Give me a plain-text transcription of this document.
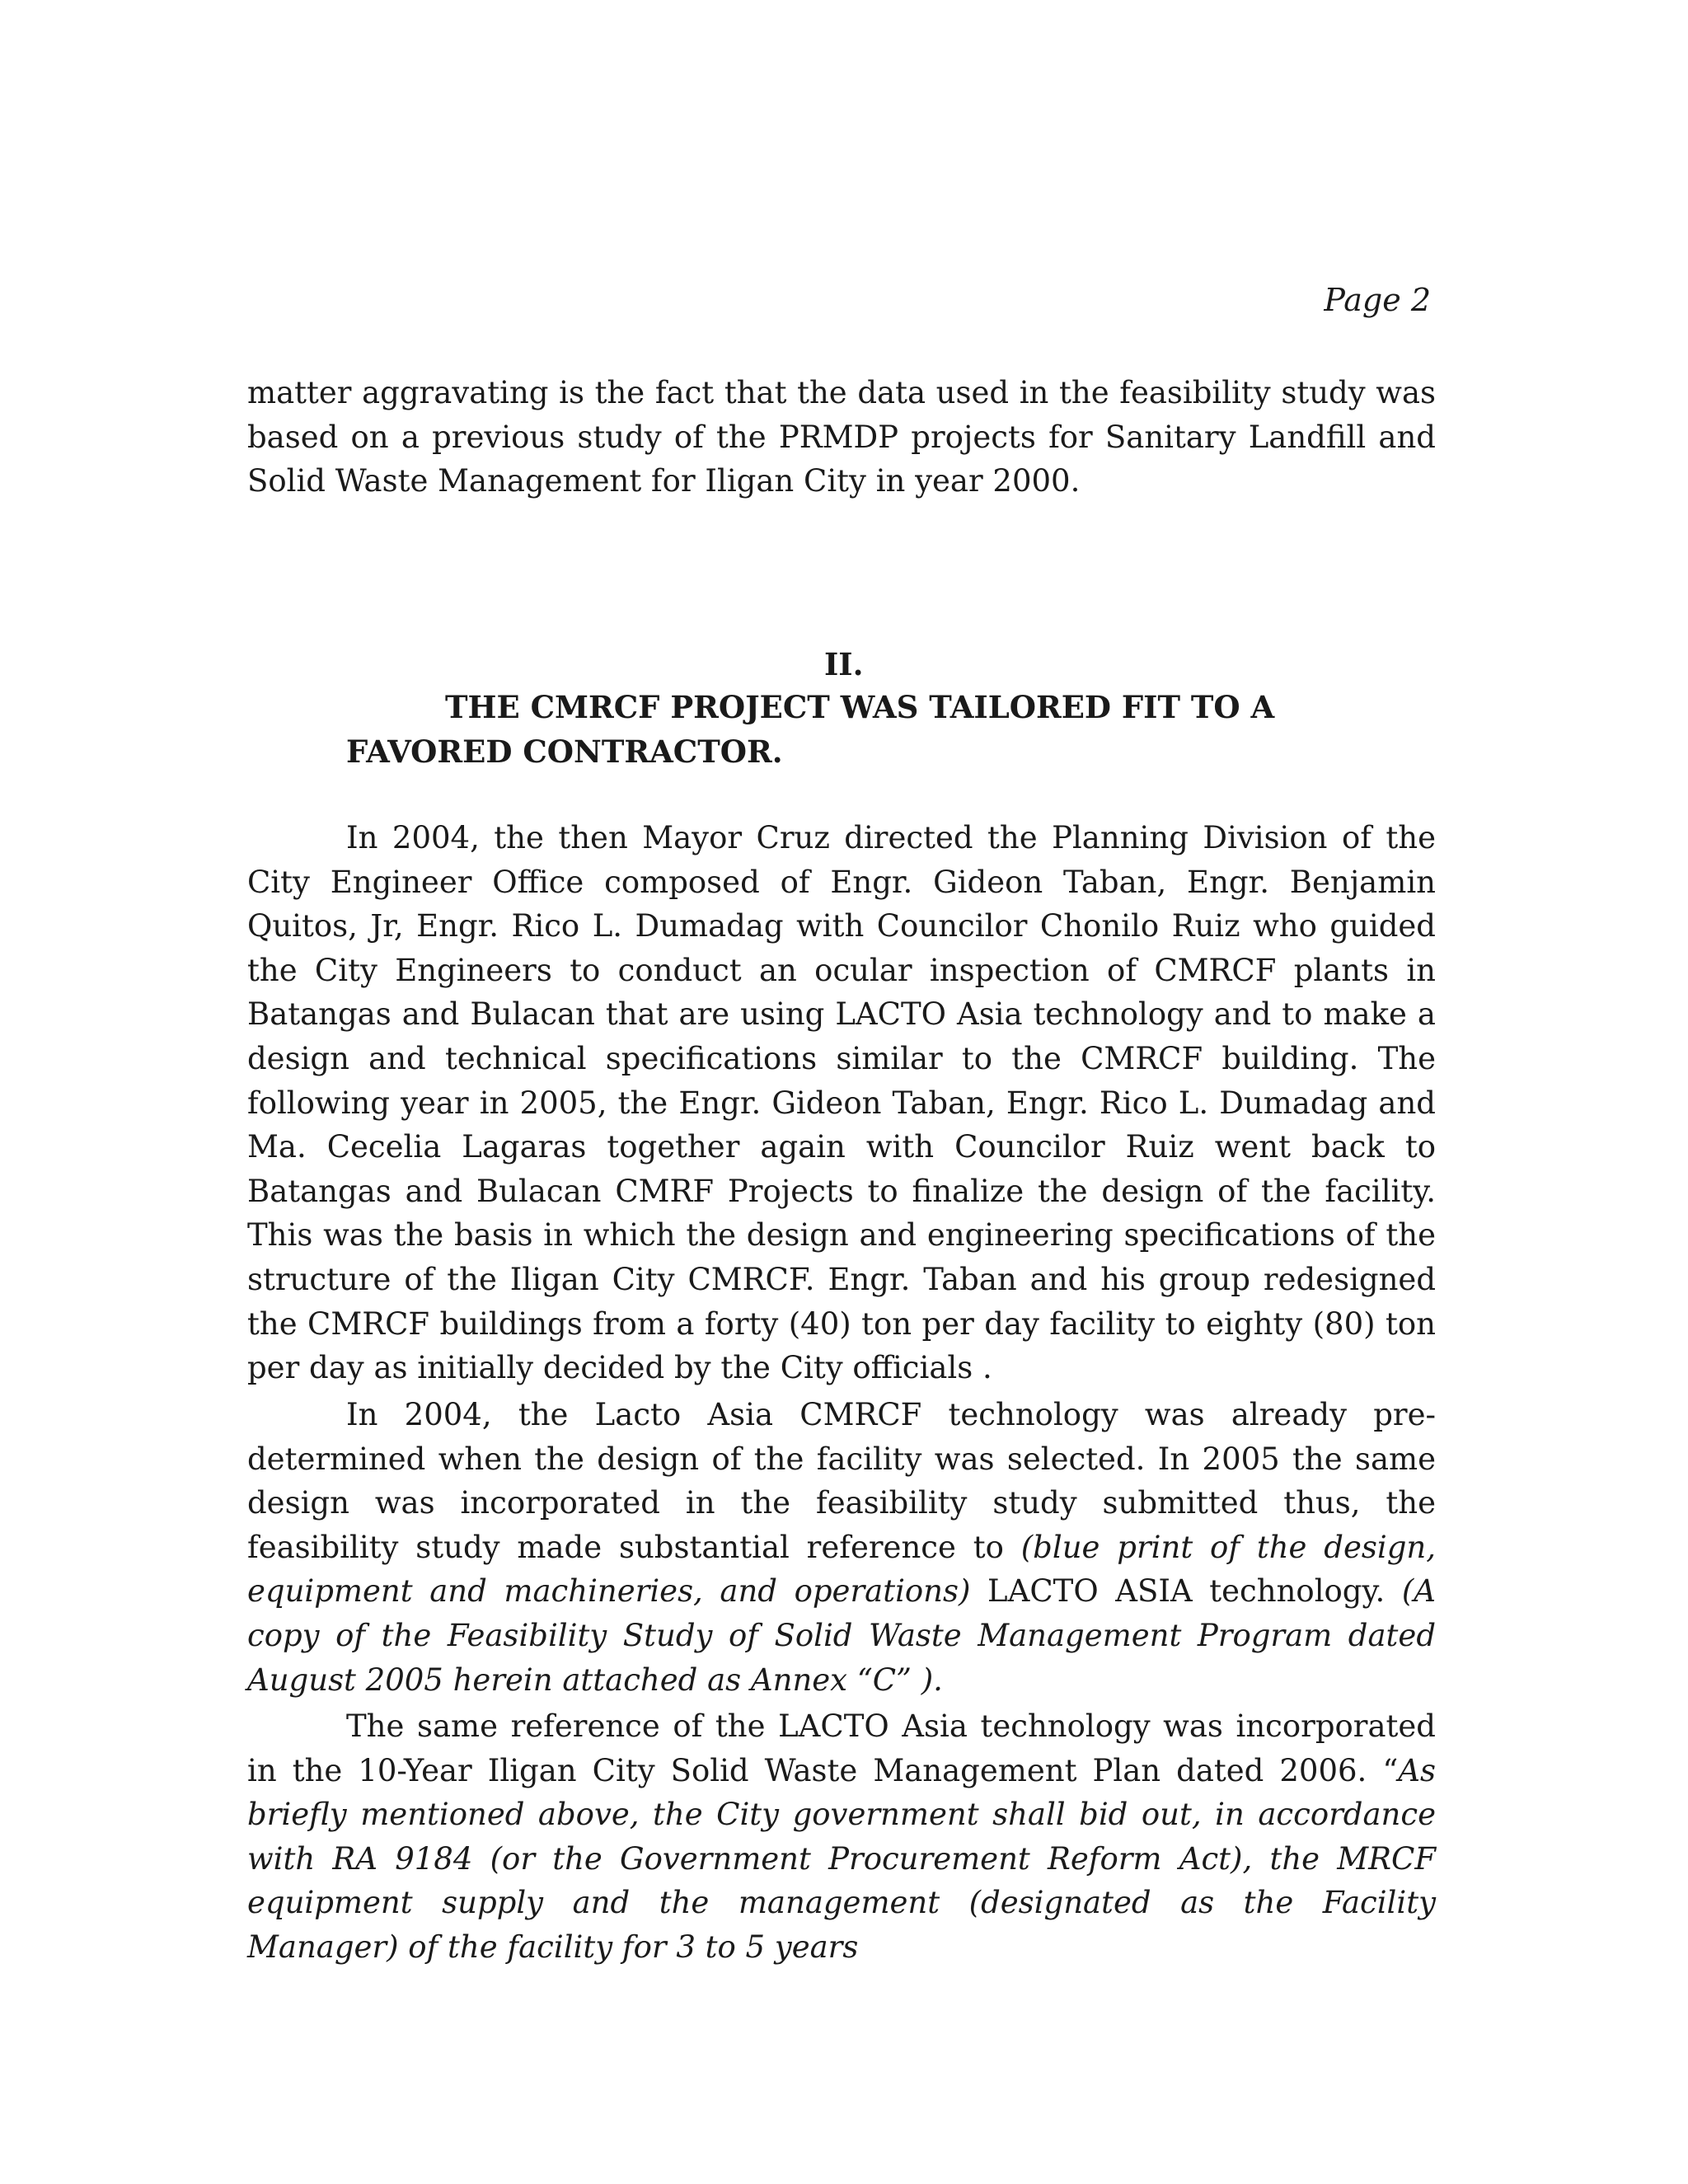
Page 2

matter aggravating is the fact that the data used in the feasibility study was based on a previous study of the PRMDP projects for Sanitary Landfill and Solid Waste Management for Iligan City in year 2000.

II.

THE CMRCF PROJECT WAS TAILORED FIT TO A FAVORED CONTRACTOR.

In 2004, the then Mayor Cruz directed the Planning Division of the City Engineer Office composed of Engr. Gideon Taban, Engr. Benjamin Quitos, Jr, Engr. Rico L. Dumadag with Councilor Chonilo Ruiz who guided the City Engineers to conduct an ocular inspection of CMRCF plants in Batangas and Bulacan that are using LACTO Asia technology and to make a design and technical specifications similar to the CMRCF building. The following year in 2005, the Engr. Gideon Taban, Engr. Rico L. Dumadag and Ma. Cecelia Lagaras together again with Councilor Ruiz went back to Batangas and Bulacan CMRF Projects to finalize the design of the facility. This was the basis in which the design and engineering specifications of the structure of the Iligan City CMRCF. Engr. Taban and his group redesigned the CMRCF buildings from a forty (40) ton per day facility to eighty (80) ton per day as initially decided by the City officials .

In 2004, the Lacto Asia CMRCF technology was already pre-determined when the design of the facility was selected. In 2005 the same design was incorporated in the feasibility study submitted thus, the feasibility study made substantial reference to (blue print of the design, equipment and machineries, and operations) LACTO ASIA technology. (A copy of the Feasibility Study of Solid Waste Management Program dated August 2005 herein attached as Annex “C” ).

The same reference of the LACTO Asia technology was incorporated in the 10-Year Iligan City Solid Waste Management Plan dated 2006. “As briefly mentioned above, the City government shall bid out, in accordance with RA 9184 (or the Government Procurement Reform Act), the MRCF equipment supply and the management (designated as the Facility Manager) of the facility for 3 to 5 years
